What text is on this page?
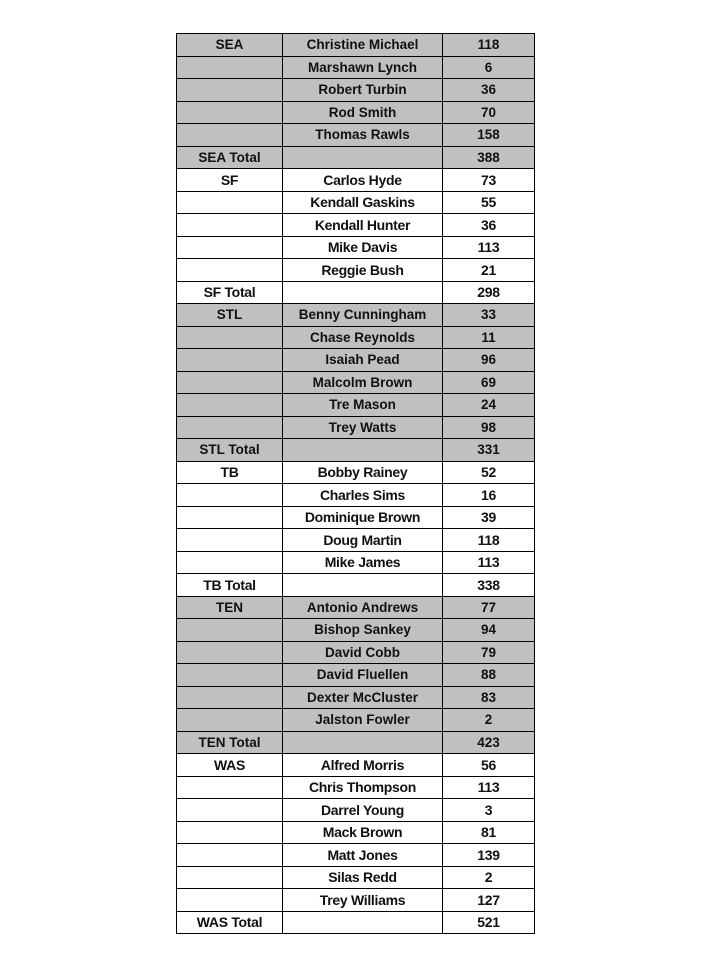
SEA	Christine Michael	118
	Marshawn Lynch	6
	Robert Turbin	36
	Rod Smith	70
	Thomas Rawls	158
SEA Total		388
SF	Carlos Hyde	73
	Kendall Gaskins	55
	Kendall Hunter	36
	Mike Davis	113
	Reggie Bush	21
SF Total		298
STL	Benny Cunningham	33
	Chase Reynolds	11
	Isaiah Pead	96
	Malcolm Brown	69
	Tre Mason	24
	Trey Watts	98
STL Total		331
TB	Bobby Rainey	52
	Charles Sims	16
	Dominique Brown	39
	Doug Martin	118
	Mike James	113
TB Total		338
TEN	Antonio Andrews	77
	Bishop Sankey	94
	David Cobb	79
	David Fluellen	88
	Dexter McCluster	83
	Jalston Fowler	2
TEN Total		423
WAS	Alfred Morris	56
	Chris Thompson	113
	Darrel Young	3
	Mack Brown	81
	Matt Jones	139
	Silas Redd	2
	Trey Williams	127
WAS Total		521
